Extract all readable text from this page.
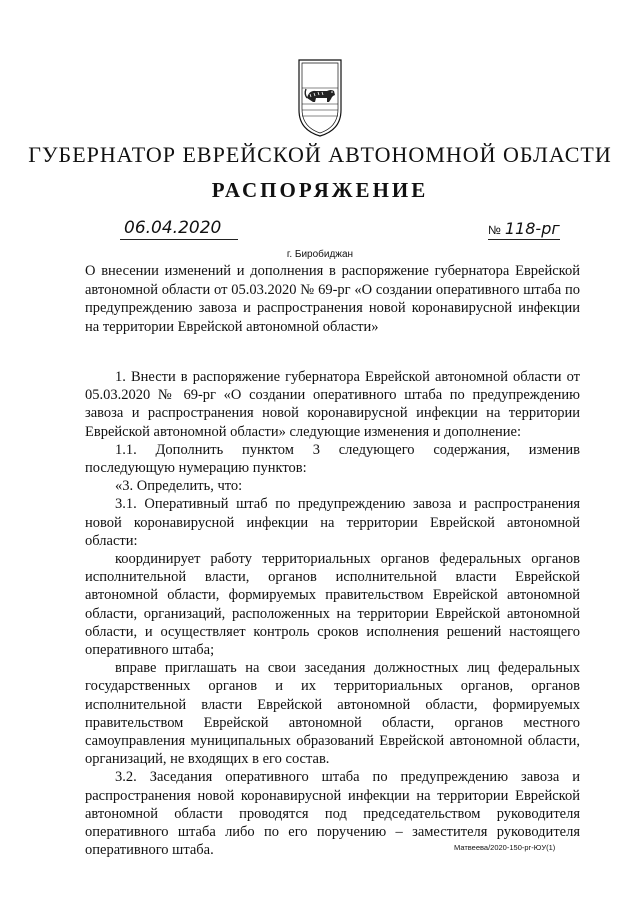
ГУБЕРНАТОР ЕВРЕЙСКОЙ АВТОНОМНОЙ ОБЛАСТИ
РАСПОРЯЖЕНИЕ
06.04.2020	№ 118-рг
г. Биробиджан
О внесении изменений и дополнения в распоряжение губернатора Еврейской автономной области от 05.03.2020 № 69-рг «О создании оперативного штаба по предупреждению завоза и распространения новой коронавирусной инфекции на территории Еврейской автономной области»

1. Внести в распоряжение губернатора Еврейской автономной области от 05.03.2020 № 69-рг «О создании оперативного штаба по предупреждению завоза и распространения новой коронавирусной инфекции на территории Еврейской автономной области» следующие изменения и дополнение:

1.1. Дополнить пунктом 3 следующего содержания, изменив последующую нумерацию пунктов:

«3. Определить, что:

3.1. Оперативный штаб по предупреждению завоза и распространения новой коронавирусной инфекции на территории Еврейской автономной области:

координирует работу территориальных органов федеральных органов исполнительной власти, органов исполнительной власти Еврейской автономной области, формируемых правительством Еврейской автономной области, организаций, расположенных на территории Еврейской автономной области, и осуществляет контроль сроков исполнения решений настоящего оперативного штаба;

вправе приглашать на свои заседания должностных лиц федеральных государственных органов и их территориальных органов, органов исполнительной власти Еврейской автономной области, формируемых правительством Еврейской автономной области, органов местного самоуправления муниципальных образований Еврейской автономной области, организаций, не входящих в его состав.

3.2. Заседания оперативного штаба по предупреждению завоза и распространения новой коронавирусной инфекции на территории Еврейской автономной области проводятся под председательством руководителя оперативного штаба либо по его поручению – заместителя руководителя оперативного штаба.	Матвеева/2020-150-рг-ЮУ(1)
